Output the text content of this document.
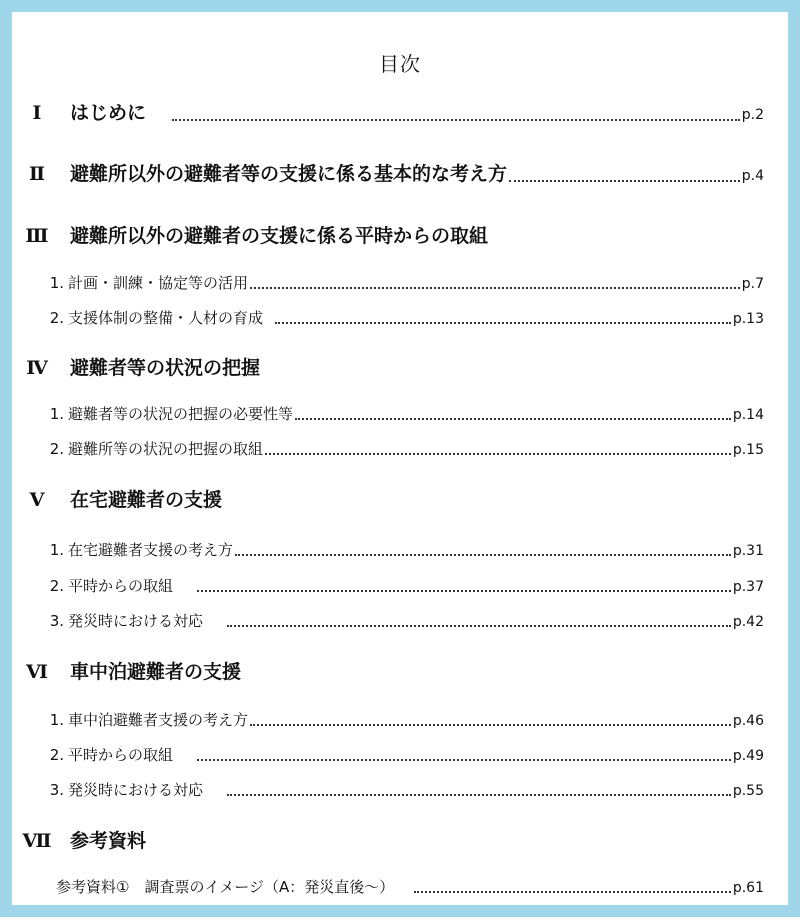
目次
Ⅰ	はじめに	p.2
Ⅱ	避難所以外の避難者等の支援に係る基本的な考え方	p.4
Ⅲ	避難所以外の避難者の支援に係る平時からの取組
1. 計画・訓練・協定等の活用	p.7
2. 支援体制の整備・人材の育成	p.13
Ⅳ	避難者等の状況の把握
1. 避難者等の状況の把握の必要性等	p.14
2. 避難所等の状況の把握の取組	p.15
Ⅴ	在宅避難者の支援
1. 在宅避難者支援の考え方	p.31
2. 平時からの取組	p.37
3. 発災時における対応	p.42
Ⅵ	車中泊避難者の支援
1. 車中泊避難者支援の考え方	p.46
2. 平時からの取組	p.49
3. 発災時における対応	p.55
Ⅶ 参考資料
参考資料①　調査票のイメージ（A：発災直後～）	p.61
